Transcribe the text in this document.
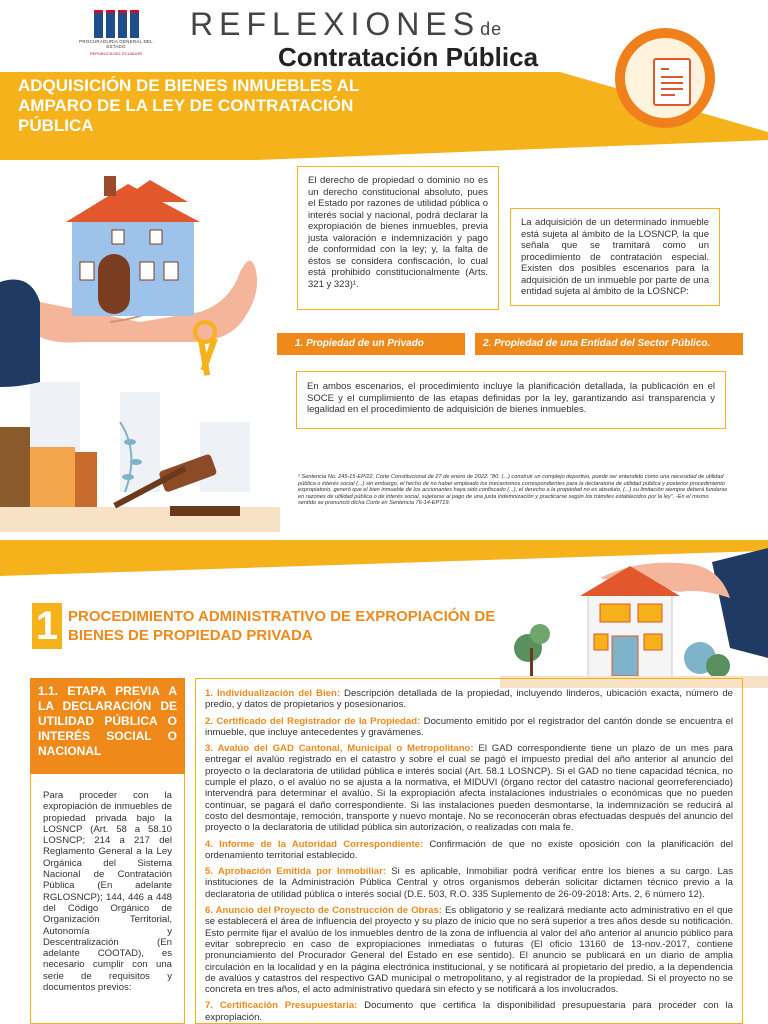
PROCURADURÍA GENERAL DEL ESTADO
REPÚBLICA DEL ECUADOR
REFLEXIONESde
Contratación Pública
ADQUISICIÓN DE BIENES INMUEBLES AL AMPARO DE LA LEY DE CONTRATACIÓN PÚBLICA
El derecho de propiedad o dominio no es un derecho constitucional absoluto, pues el Estado por razones de utilidad pública o interés social y nacional, podrá declarar la expropiación de bienes inmuebles, previa justa valoración e indemnización y pago de conformidad con la ley; y, la falta de éstos se considera confiscación, lo cual está prohibido constitucionalmente (Arts. 321 y 323)¹.
La adquisición de un determinado inmueble está sujeta al ámbito de la LOSNCP, la que señala que se tramitará como un procedimiento de contratación especial. Existen dos posibles escenarios para la adquisición de un inmueble por parte de una entidad sujeta al ámbito de la LOSNCP:
1. Propiedad de un Privado	2. Propiedad de una Entidad del Sector Público.
En ambos escenarios, el procedimiento incluye la planificación detallada, la publicación en el SOCE y el cumplimiento de las etapas definidas por la ley, garantizando así transparencia y legalidad en el procedimiento de adquisición de bienes inmuebles.
¹ Sentencia No. 245-15-EP/22, Corte Constitucional de 27 de enero de 2022. "80. (...) construir un complejo deportivo, puede ser entendido como una necesidad de utilidad pública o interés social (...) sin embargo, el hecho de no haber empleado los mecanismos correspondientes para la declaratoria de utilidad pública y posterior procedimiento expropiatorio, generó que el bien inmueble de los accionantes haya sido confiscado (...), el derecho a la propiedad no es absoluto, (...) su limitación siempre deberá fundarse en razones de utilidad pública o de interés social, sujetarse al pago de una justa indemnización y practicarse según los trámites establecidos por la ley". -En el mismo sentido se pronunció dicha Corte en Sentencia 76-14-EP719.
1 PROCEDIMIENTO ADMINISTRATIVO DE EXPROPIACIÓN DE BIENES DE PROPIEDAD PRIVADA
1.1. ETAPA PREVIA A LA DECLARACIÓN DE UTILIDAD PÚBLICA O INTERÉS SOCIAL O NACIONAL
Para proceder con la expropiación de inmuebles de propiedad privada bajo la LOSNCP (Art. 58 a 58.10 LOSNCP; 214 a 217 del Reglamento General a la Ley Orgánica del Sistema Nacional de Contratación Pública (En adelante RGLOSNCP); 144, 446 a 448 del Código Orgánico de Organización Territorial, Autonomía y Descentralización (En adelante COOTAD), es necesario cumplir con una serie de requisitos y documentos previos:

1. Individualización del Bien: Descripción detallada de la propiedad, incluyendo linderos, ubicación exacta, número de predio, y datos de propietarios y posesionarios.

2. Certificado del Registrador de la Propiedad: Documento emitido por el registrador del cantón donde se encuentra el inmueble, que incluye antecedentes y gravámenes.

3. Avalúo del GAD Cantonal, Municipal o Metropolitano: El GAD correspondiente tiene un plazo de un mes para entregar el avalúo registrado en el catastro y sobre el cual se pagó el impuesto predial del año anterior al anuncio del proyecto o la declaratoria de utilidad pública e interés social (Art. 58.1 LOSNCP). Si el GAD no tiene capacidad técnica, no cumple el plazo, o el avalúo no se ajusta a la normativa, el MIDUVI (órgano rector del catastro nacional georreferenciado) intervendrá para determinar el avalúo. Si la expropiación afecta instalaciones industriales o económicas que no pueden continuar, se pagará el daño correspondiente. Si las instalaciones pueden desmontarse, la indemnización se reducirá al costo del desmontaje, remoción, transporte y nuevo montaje. No se reconocerán obras efectuadas después del anuncio del proyecto o la declaratoria de utilidad pública sin autorización, o realizadas con mala fe.

4. Informe de la Autoridad Correspondiente: Confirmación de que no existe oposición con la planificación del ordenamiento territorial establecido.

5. Aprobación Emitida por Inmobiliar: Si es aplicable, Inmobiliar podrá verificar entre los bienes a su cargo. Las instituciones de la Administración Pública Central y otros organismos deberán solicitar dictamen técnico previo a la declaratoria de utilidad pública o interés social (D.E. 503, R.O. 335 Suplemento de 26-09-2018: Arts. 2, 6 número 12).

6. Anuncio del Proyecto de Construcción de Obras: Es obligatorio y se realizará mediante acto administrativo en el que se establecerá el área de influencia del proyecto y su plazo de inicio que no será superior a tres años desde su notificación. Esto permite fijar el avalúo de los inmuebles dentro de la zona de influencia al valor del año anterior al anuncio público para evitar sobreprecio en caso de expropiaciones inmediatas o futuras (El oficio 13160 de 13-nov.-2017, contiene pronunciamiento del Procurador General del Estado en ese sentido). El anuncio se publicará en un diario de amplia circulación en la localidad y en la página electrónica institucional, y se notificará al propietario del predio, a la dependencia de avalúos y catastros del respectivo GAD municipal o metropolitano, y al registrador de la propiedad. Si el proyecto no se concreta en tres años, el acto administrativo quedará sin efecto y se notificará a los involucrados.

7. Certificación Presupuestaria: Documento que certifica la disponibilidad presupuestaria para proceder con la expropiación.
